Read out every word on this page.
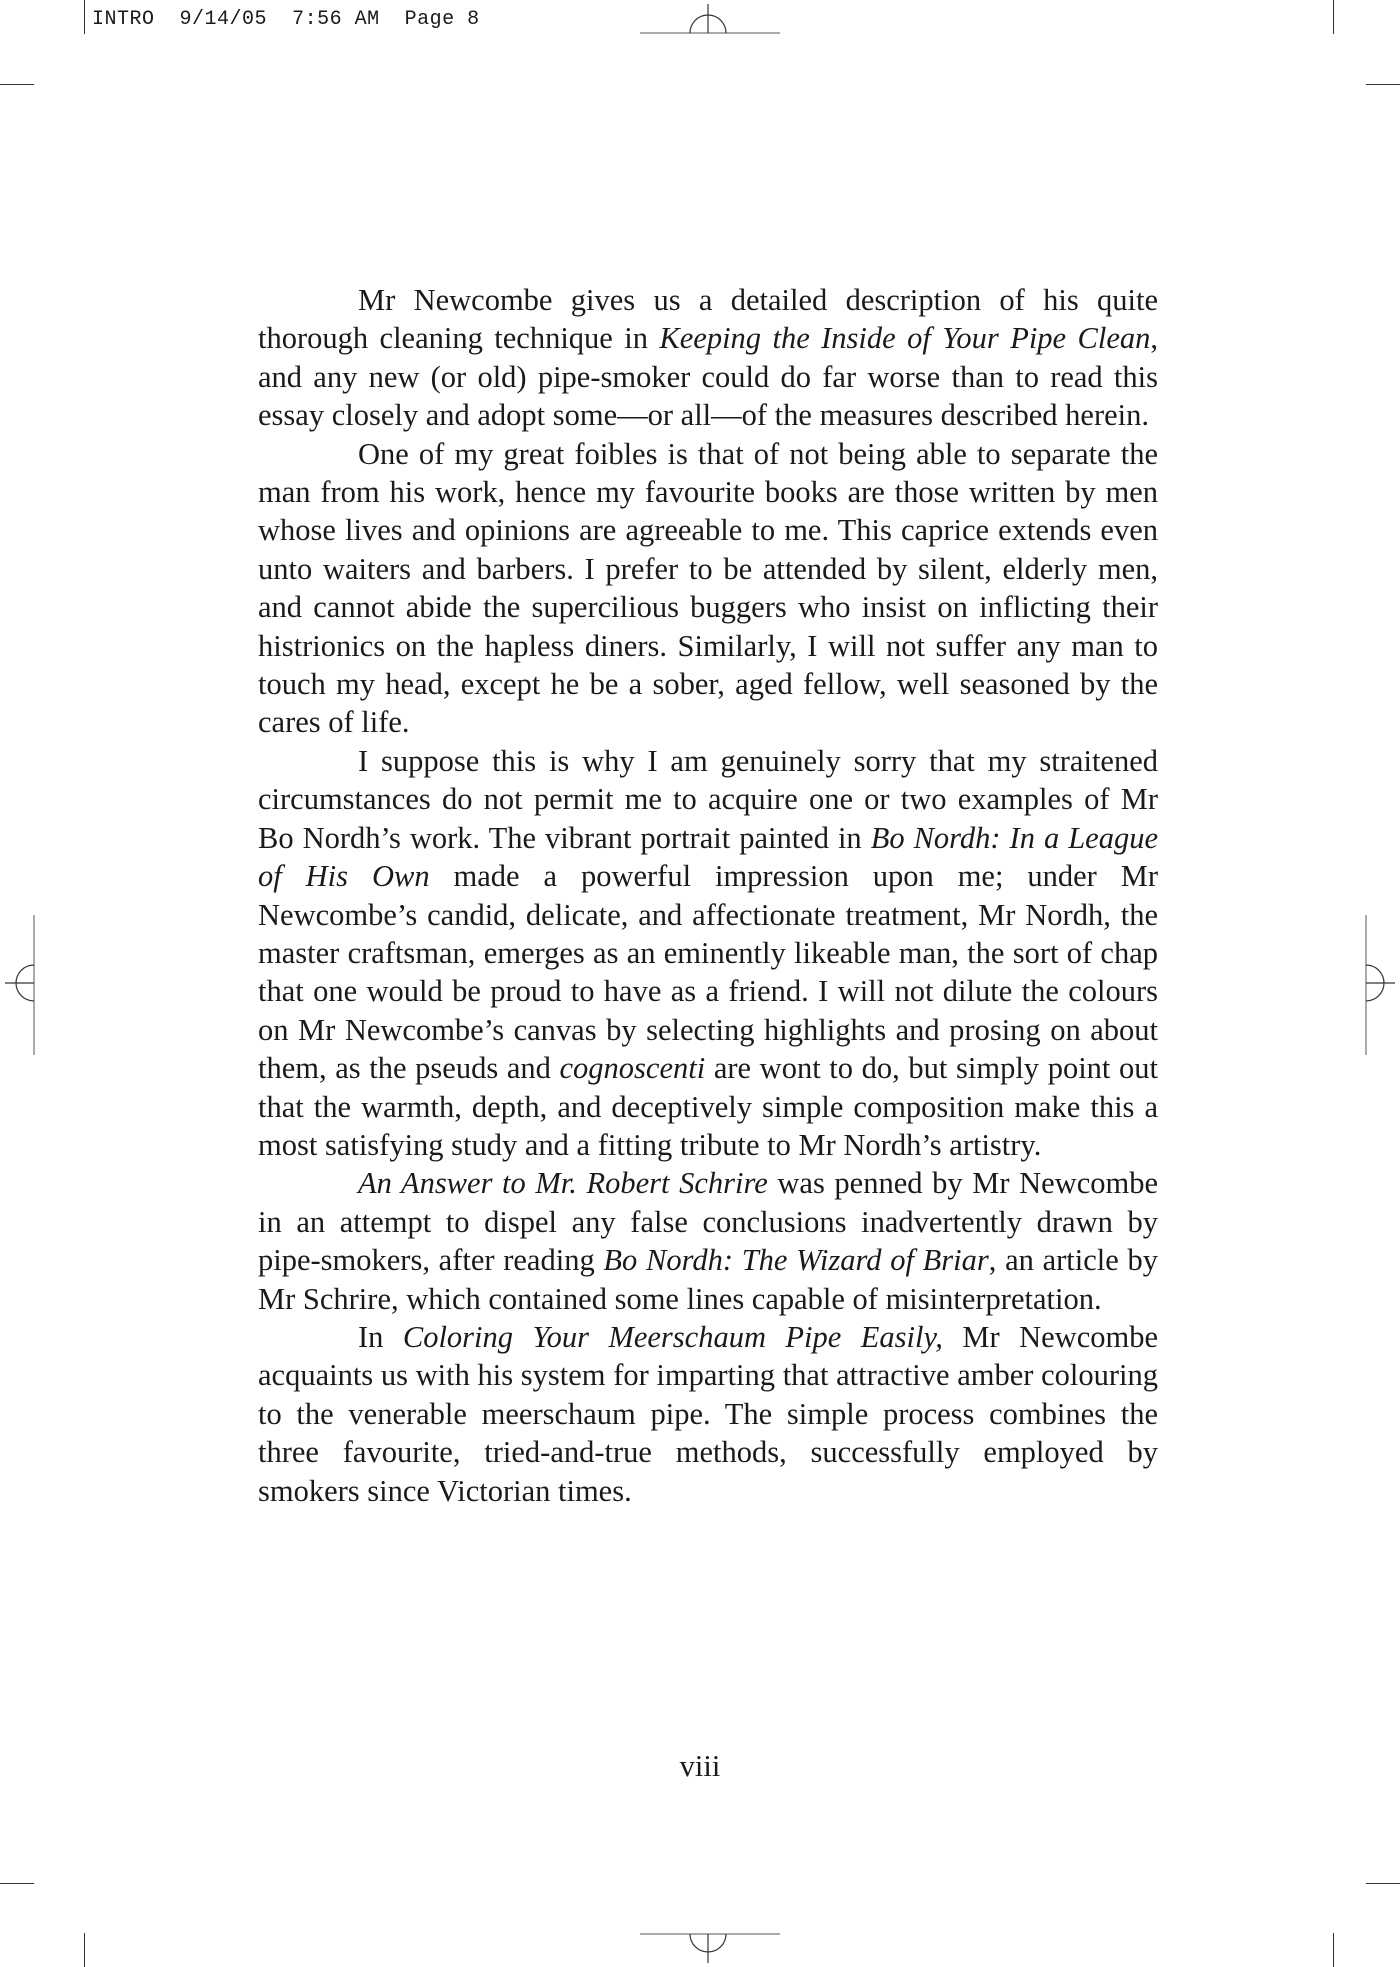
INTRO 9/14/05 7:56 AM Page 8

Mr Newcombe gives us a detailed description of his quite thorough cleaning technique in Keeping the Inside of Your Pipe Clean, and any new (or old) pipe-smoker could do far worse than to read this essay closely and adopt some—or all—of the measures described herein.

One of my great foibles is that of not being able to separate the man from his work, hence my favourite books are those written by men whose lives and opinions are agreeable to me. This caprice extends even unto waiters and barbers. I prefer to be attended by silent, elderly men, and cannot abide the supercilious buggers who insist on inflicting their histrionics on the hapless diners. Similarly, I will not suffer any man to touch my head, except he be a sober, aged fellow, well seasoned by the cares of life.

I suppose this is why I am genuinely sorry that my straitened circumstances do not permit me to acquire one or two examples of Mr Bo Nordh’s work. The vibrant portrait painted in Bo Nordh: In a League of His Own made a powerful impression upon me; under Mr Newcombe’s candid, delicate, and affectionate treatment, Mr Nordh, the master craftsman, emerges as an eminently likeable man, the sort of chap that one would be proud to have as a friend. I will not dilute the colours on Mr Newcombe’s canvas by selecting highlights and prosing on about them, as the pseuds and cognoscenti are wont to do, but simply point out that the warmth, depth, and deceptively simple composition make this a most satisfying study and a fitting tribute to Mr Nordh’s artistry.

An Answer to Mr. Robert Schrire was penned by Mr Newcombe in an attempt to dispel any false conclusions inadvertently drawn by pipe-smokers, after reading Bo Nordh: The Wizard of Briar, an article by Mr Schrire, which contained some lines capable of misinterpretation.

In Coloring Your Meerschaum Pipe Easily, Mr Newcombe acquaints us with his system for imparting that attractive amber colouring to the venerable meerschaum pipe. The simple process combines the three favourite, tried-and-true methods, successfully employed by smokers since Victorian times.

viii
